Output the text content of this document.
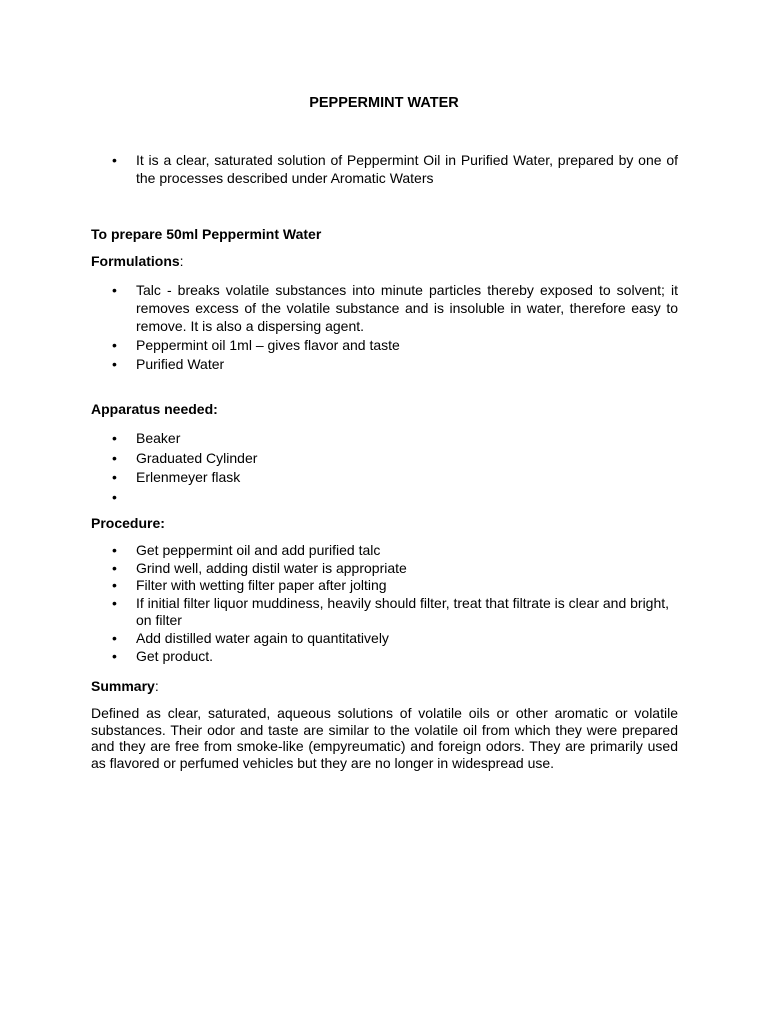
PEPPERMINT WATER
• It is a clear, saturated solution of Peppermint Oil in Purified Water, prepared by one of the processes described under Aromatic Waters

To prepare 50ml Peppermint Water

Formulations:

• Talc - breaks volatile substances into minute particles thereby exposed to solvent; it removes excess of the volatile substance and is insoluble in water, therefore easy to remove. It is also a dispersing agent.
• Peppermint oil 1ml – gives flavor and taste
• Purified Water

Apparatus needed:

• Beaker
• Graduated Cylinder
• Erlenmeyer flask
•

Procedure:

• Get peppermint oil and add purified talc
• Grind well, adding distil water is appropriate
• Filter with wetting filter paper after jolting
• If initial filter liquor muddiness, heavily should filter, treat that filtrate is clear and bright, on filter
• Add distilled water again to quantitatively
• Get product.

Summary:

Defined as clear, saturated, aqueous solutions of volatile oils or other aromatic or volatile substances. Their odor and taste are similar to the volatile oil from which they were prepared and they are free from smoke-like (empyreumatic) and foreign odors. They are primarily used as flavored or perfumed vehicles but they are no longer in widespread use.
